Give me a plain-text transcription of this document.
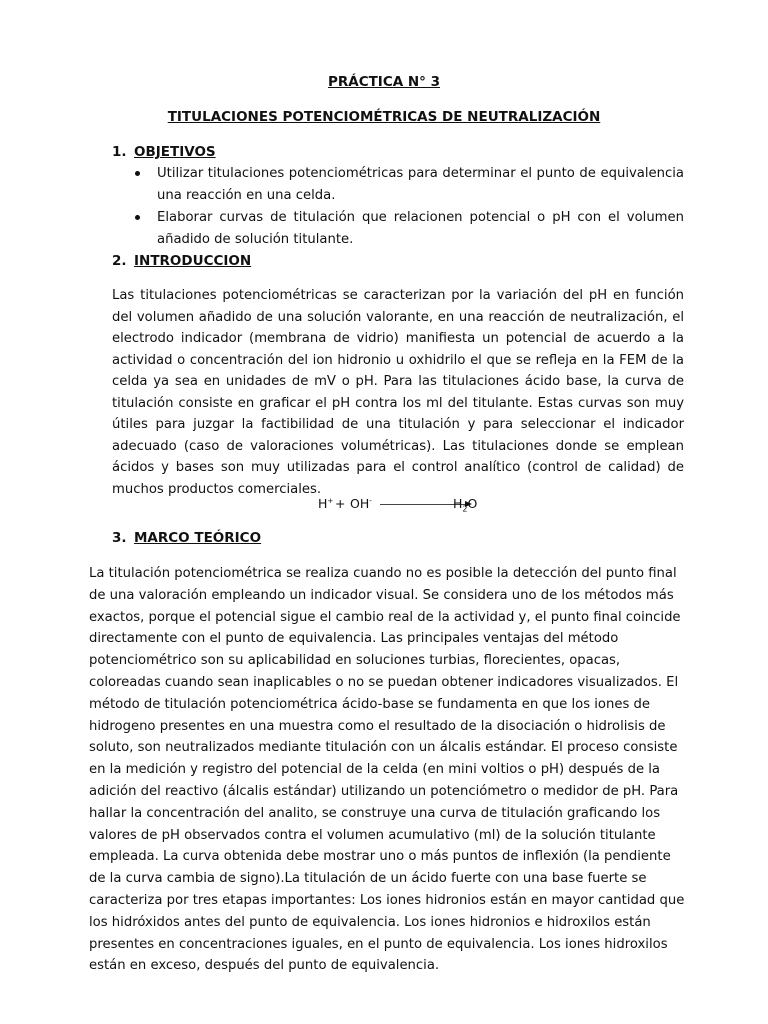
PRÁCTICA N° 3
TITULACIONES POTENCIOMÉTRICAS DE NEUTRALIZACIÓN
1. OBJETIVOS
Utilizar titulaciones potenciométricas para determinar el punto de equivalencia una reacción en una celda.
Elaborar curvas de titulación que relacionen potencial o pH con el volumen añadido de solución titulante.
2. INTRODUCCION
Las titulaciones potenciométricas se caracterizan por la variación del pH en función del volumen añadido de una solución valorante, en una reacción de neutralización, el electrodo indicador (membrana de vidrio) manifiesta un potencial de acuerdo a la actividad o concentración del ion hidronio u oxhidrilo el que se refleja en la FEM de la celda ya sea en unidades de mV o pH. Para las titulaciones ácido base, la curva de titulación consiste en graficar el pH contra los ml del titulante. Estas curvas son muy útiles para juzgar la factibilidad de una titulación y para seleccionar el indicador adecuado (caso de valoraciones volumétricas). Las titulaciones donde se emplean ácidos y bases son muy utilizadas para el control analítico (control de calidad) de muchos productos comerciales.
H+ + OH-	$H_2O$
3. MARCO TEÓRICO
La titulación potenciométrica se realiza cuando no es posible la detección del punto final de una valoración empleando un indicador visual. Se considera uno de los métodos más exactos, porque el potencial sigue el cambio real de la actividad y, el punto final coincide directamente con el punto de equivalencia. Las principales ventajas del método potenciométrico son su aplicabilidad en soluciones turbias, florecientes, opacas, coloreadas cuando sean inaplicables o no se puedan obtener indicadores visualizados. El método de titulación potenciométrica ácido-base se fundamenta en que los iones de hidrogeno presentes en una muestra como el resultado de la disociación o hidrolisis de soluto, son neutralizados mediante titulación con un álcalis estándar. El proceso consiste en la medición y registro del potencial de la celda (en mini voltios o pH) después de la adición del reactivo (álcalis estándar) utilizando un potenciómetro o medidor de pH. Para hallar la concentración del analito, se construye una curva de titulación graficando los valores de pH observados contra el volumen acumulativo (ml) de la solución titulante empleada. La curva obtenida debe mostrar uno o más puntos de inflexión (la pendiente de la curva cambia de signo).La titulación de un ácido fuerte con una base fuerte se caracteriza por tres etapas importantes: Los iones hidronios están en mayor cantidad que los hidróxidos antes del punto de equivalencia. Los iones hidronios e hidroxilos están presentes en concentraciones iguales, en el punto de equivalencia. Los iones hidroxilos están en exceso, después del punto de equivalencia.
